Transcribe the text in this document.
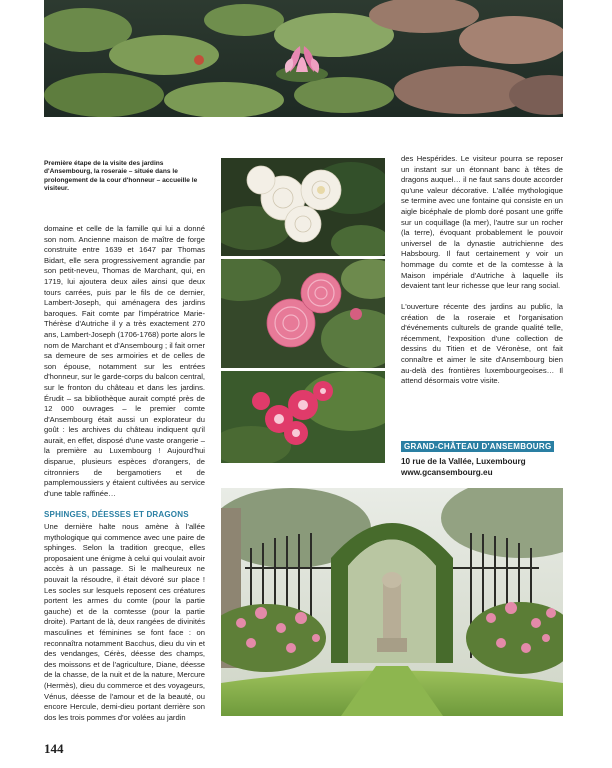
Première étape de la visite des jardins d'Ansembourg, la roseraie – située dans le prolongement de la cour d'honneur – accueille le visiteur.

domaine et celle de la famille qui lui a donné son nom. Ancienne maison de maître de forge construite entre 1639 et 1647 par Thomas Bidart, elle sera progressivement agrandie par son petit-neveu, Thomas de Marchant, qui, en 1719, lui ajoutera deux ailes ainsi que deux tours carrées, puis par le fils de ce dernier, Lambert-Joseph, qui aménagera des jardins baroques. Fait comte par l'impératrice Marie-Thérèse d'Autriche il y a très exactement 270 ans, Lambert-Joseph (1706-1768) porte alors le nom de Marchant et d'Ansembourg ; il fait orner sa demeure de ses armoiries et de celles de son épouse, notamment sur les entrées d'honneur, sur le garde-corps du balcon central, sur le fronton du château et dans les jardins. Érudit – sa bibliothèque aurait compté près de 12 000 ouvrages – le premier comte d'Ansembourg était aussi un explorateur du goût : les archives du château indiquent qu'il aurait, en effet, disposé d'une vaste orangerie – la première au Luxembourg ! Aujourd'hui disparue, plusieurs espèces d'orangers, de citronniers de bergamotiers et de pamplemoussiers y étaient cultivées au service d'une table raffinée…

SPHINGES, DÉESSES ET DRAGONS

Une dernière halte nous amène à l'allée mythologique qui commence avec une paire de sphinges. Selon la tradition grecque, elles proposaient une énigme à celui qui voulait avoir accès à un passage. Si le malheureux ne pouvait la résoudre, il était dévoré sur place ! Les socles sur lesquels reposent ces créatures portent les armes du comte (pour la partie gauche) et de la comtesse (pour la partie droite). Partant de là, deux rangées de divinités masculines et féminines se font face : on reconnaîtra notamment Bacchus, dieu du vin et des vendanges, Cérès, déesse des champs, des moissons et de l'agriculture, Diane, déesse de la chasse, de la nuit et de la nature, Mercure (Hermès), dieu du commerce et des voyageurs, Vénus, déesse de l'amour et de la beauté, ou encore Hercule, demi-dieu portant derrière son dos les trois pommes d'or volées au jardin

des Hespérides. Le visiteur pourra se reposer un instant sur un étonnant banc à têtes de dragons auquel… il ne faut sans doute accorder qu'une valeur décorative. L'allée mythologique se termine avec une fontaine qui consiste en un aigle bicéphale de plomb doré posant une griffe sur un coquillage (la mer), l'autre sur un rocher (la terre), évoquant probablement le pouvoir universel de la dynastie autrichienne des Habsbourg. Il faut certainement y voir un hommage du comte et de la comtesse à la Maison impériale d'Autriche à laquelle ils devaient tant leur richesse que leur rang social.

L'ouverture récente des jardins au public, la création de la roseraie et l'organisation d'événements culturels de grande qualité telle, récemment, l'exposition d'une collection de dessins du Titien et de Véronèse, ont fait connaître et aimer le site d'Ansembourg bien au-delà des frontières luxembourgeoises… Il attend désormais votre visite.

GRAND-CHÂTEAU D'ANSEMBOURG
10 rue de la Vallée, Luxembourg
www.gcansembourg.eu
144
